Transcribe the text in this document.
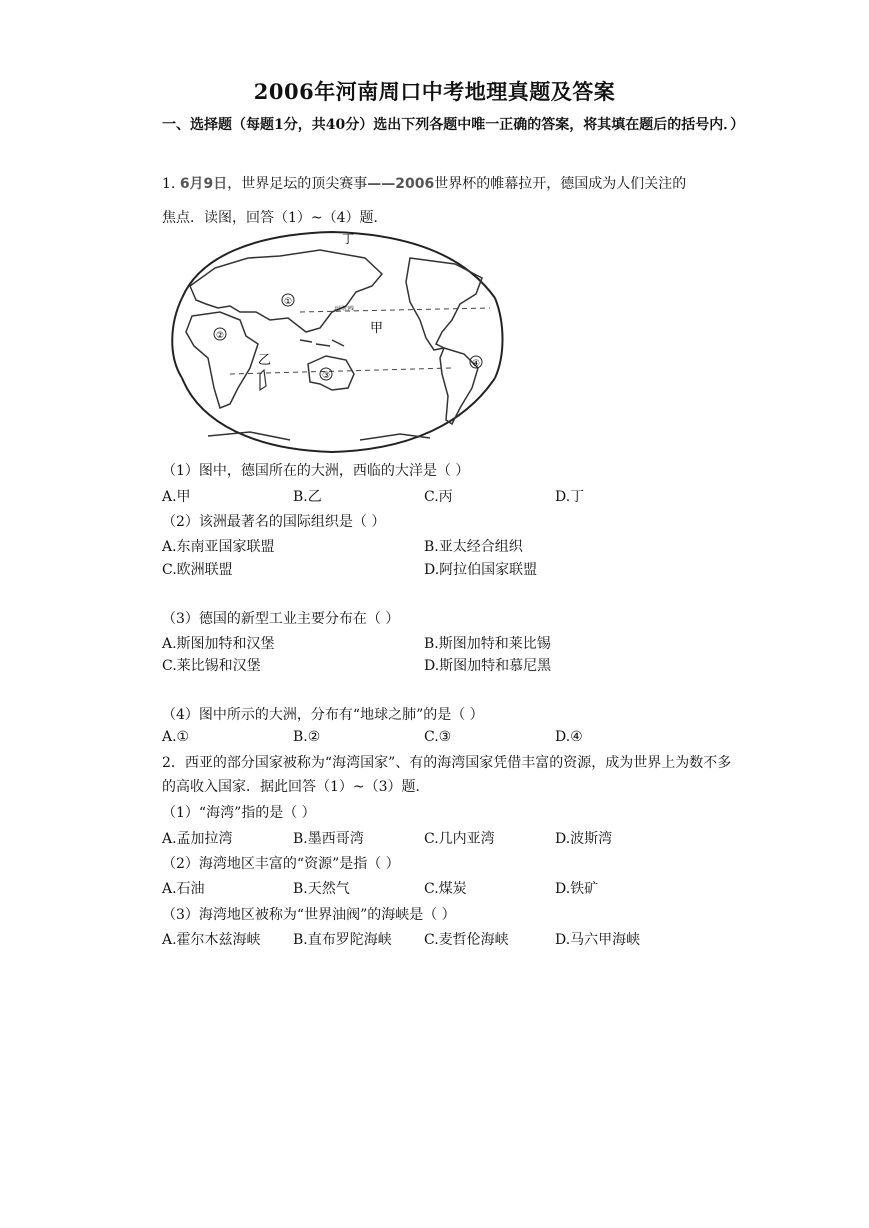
2006年河南周口中考地理真题及答案
一、选择题（每题1分，共40分）选出下列各题中唯一正确的答案，将其填在题后的括号内．）
1. 6月9日，世界足坛的顶尖赛事——2006世界杯的帷幕拉开，德国成为人们关注的
焦点．读图，回答（1）~（4）题．
丁
甲
乙
北回归线
①
②
③
④
（1）图中，德国所在的大洲，西临的大洋是（ ）
A.甲	B.乙	C.丙	D.丁
（2）该洲最著名的国际组织是（ ）
A.东南亚国家联盟	B.亚太经合组织
C.欧洲联盟	D.阿拉伯国家联盟
（3）德国的新型工业主要分布在（ ）
A.斯图加特和汉堡	B.斯图加特和莱比锡
C.莱比锡和汉堡	D.斯图加特和慕尼黑
（4）图中所示的大洲，分布有“地球之肺”的是（ ）
A.①	B.②	C.③	D.④
2．西亚的部分国家被称为“海湾国家”、有的海湾国家凭借丰富的资源，成为世界上为数不多的高收入国家．据此回答（1）~（3）题．
（1）“海湾”指的是（ ）
A.孟加拉湾	B.墨西哥湾	C.几内亚湾	D.波斯湾
（2）海湾地区丰富的“资源”是指（ ）
A.石油	B.天然气	C.煤炭	D.铁矿
（3）海湾地区被称为“世界油阀”的海峡是（ ）
A.霍尔木兹海峡 B.直布罗陀海峡 C.麦哲伦海峡	D.马六甲海峡
